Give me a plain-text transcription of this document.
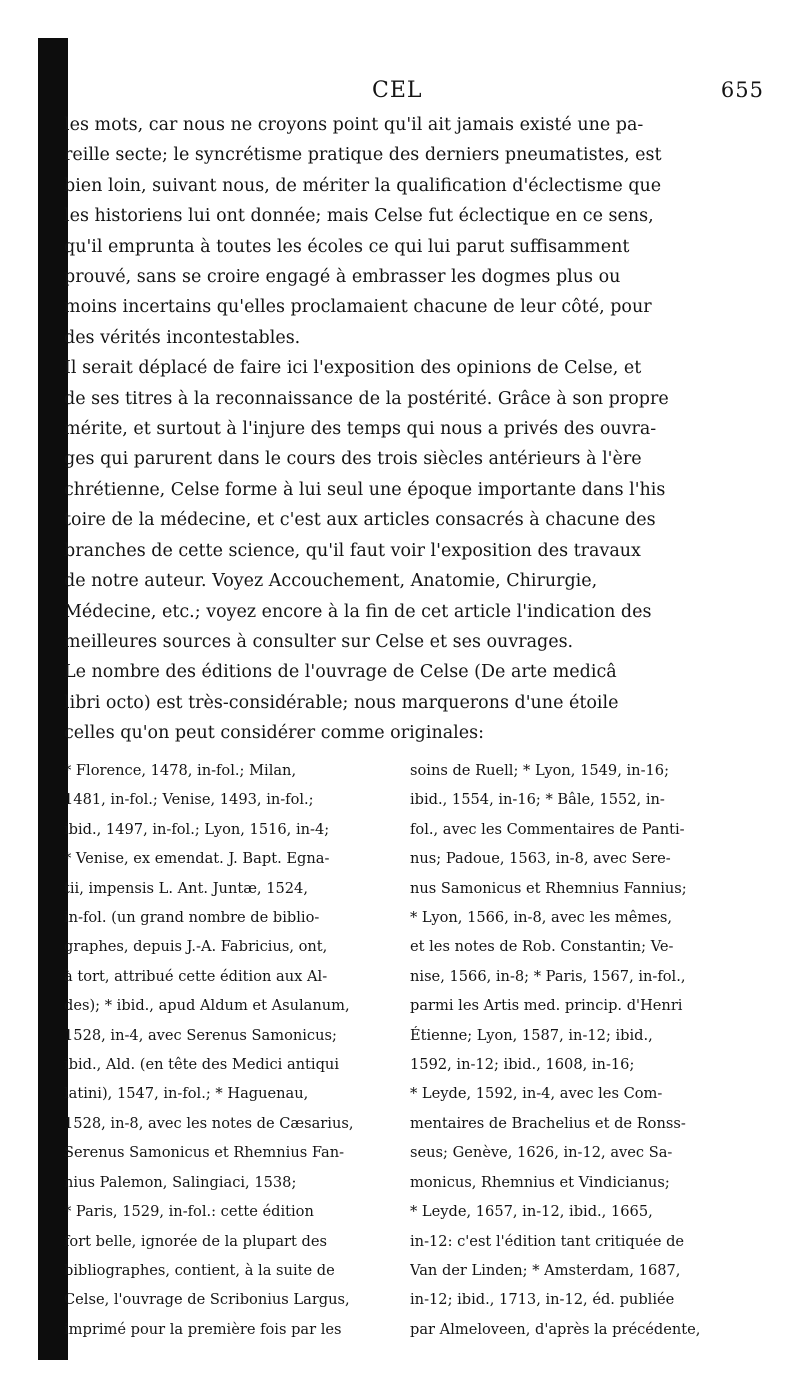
CEL	655
les mots, car nous ne croyons point qu'il ait jamais existé une pa-
reille secte; le syncrétisme pratique des derniers pneumatistes, est
bien loin, suivant nous, de mériter la qualification d'éclectisme que
les historiens lui ont donnée; mais Celse fut éclectique en ce sens,
qu'il emprunta à toutes les écoles ce qui lui parut suffisamment
prouvé, sans se croire engagé à embrasser les dogmes plus ou
moins incertains qu'elles proclamaient chacune de leur côté, pour
des vérités incontestables.
Il serait déplacé de faire ici l'exposition des opinions de Celse, et
de ses titres à la reconnaissance de la postérité. Grâce à son propre
mérite, et surtout à l'injure des temps qui nous a privés des ouvra-
ges qui parurent dans le cours des trois siècles antérieurs à l'ère
chrétienne, Celse forme à lui seul une époque importante dans l'his
toire de la médecine, et c'est aux articles consacrés à chacune des
branches de cette science, qu'il faut voir l'exposition des travaux
de notre auteur. Voyez Accouchement, Anatomie, Chirurgie,
Médecine, etc.; voyez encore à la fin de cet article l'indication des
meilleures sources à consulter sur Celse et ses ouvrages.
Le nombre des éditions de l'ouvrage de Celse (De arte medicâ
libri octo) est très-considérable; nous marquerons d'une étoile
celles qu'on peut considérer comme originales:
* Florence, 1478, in-fol.; Milan,
1481, in-fol.; Venise, 1493, in-fol.;
ibid., 1497, in-fol.; Lyon, 1516, in-4;
* Venise, ex emendat. J. Bapt. Egna-
tii, impensis L. Ant. Juntæ, 1524,
in-fol. (un grand nombre de biblio-
graphes, depuis J.-A. Fabricius, ont,
à tort, attribué cette édition aux Al-
des); * ibid., apud Aldum et Asulanum,
1528, in-4, avec Serenus Samonicus;
ibid., Ald. (en tête des Medici antiqui
latini), 1547, in-fol.; * Haguenau,
1528, in-8, avec les notes de Cæsarius,
Serenus Samonicus et Rhemnius Fan-
nius Palemon, Salingiaci, 1538;
* Paris, 1529, in-fol.: cette édition
fort belle, ignorée de la plupart des
bibliographes, contient, à la suite de
Celse, l'ouvrage de Scribonius Largus,
imprimé pour la première fois par les
soins de Ruell; * Lyon, 1549, in-16;
ibid., 1554, in-16; * Bâle, 1552, in-
fol., avec les Commentaires de Panti-
nus; Padoue, 1563, in-8, avec Sere-
nus Samonicus et Rhemnius Fannius;
* Lyon, 1566, in-8, avec les mêmes,
et les notes de Rob. Constantin; Ve-
nise, 1566, in-8; * Paris, 1567, in-fol.,
parmi les Artis med. princip. d'Henri
Étienne; Lyon, 1587, in-12; ibid.,
1592, in-12; ibid., 1608, in-16;
* Leyde, 1592, in-4, avec les Com-
mentaires de Brachelius et de Ronss-
seus; Genève, 1626, in-12, avec Sa-
monicus, Rhemnius et Vindicianus;
* Leyde, 1657, in-12, ibid., 1665,
in-12: c'est l'édition tant critiquée de
Van der Linden; * Amsterdam, 1687,
in-12; ibid., 1713, in-12, éd. publiée
par Almeloveen, d'après la précédente,
